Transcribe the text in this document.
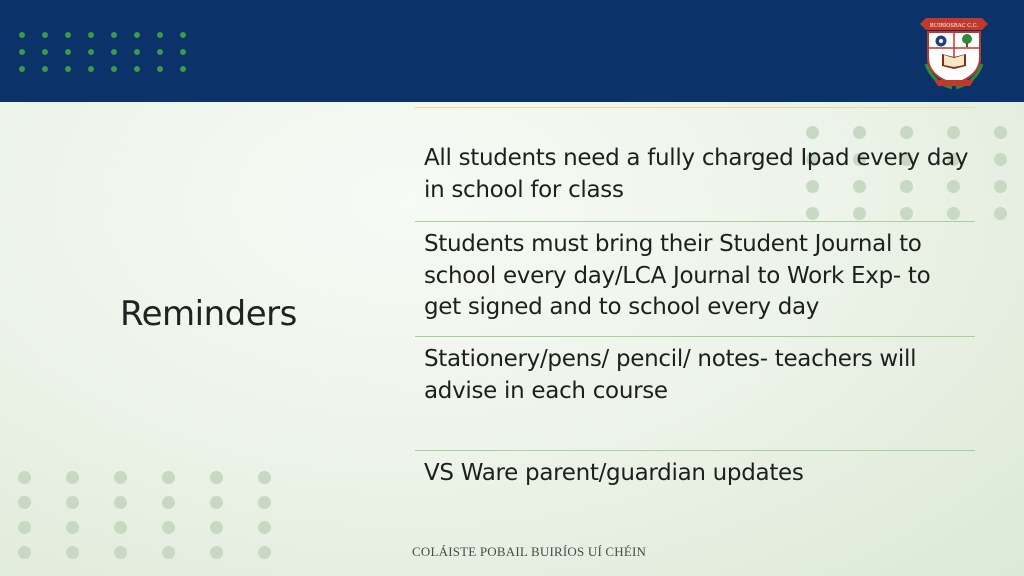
BUIRÍOSRAC C.C.
Reminders
All students need a fully charged Ipad every day in school for class
Students must bring their Student Journal to school every day/LCA Journal to Work Exp- to get signed and to school every day
Stationery/pens/ pencil/ notes- teachers will advise in each course
VS Ware parent/guardian updates
COLÁISTE POBAIL BUIRÍOS UÍ CHÉIN
